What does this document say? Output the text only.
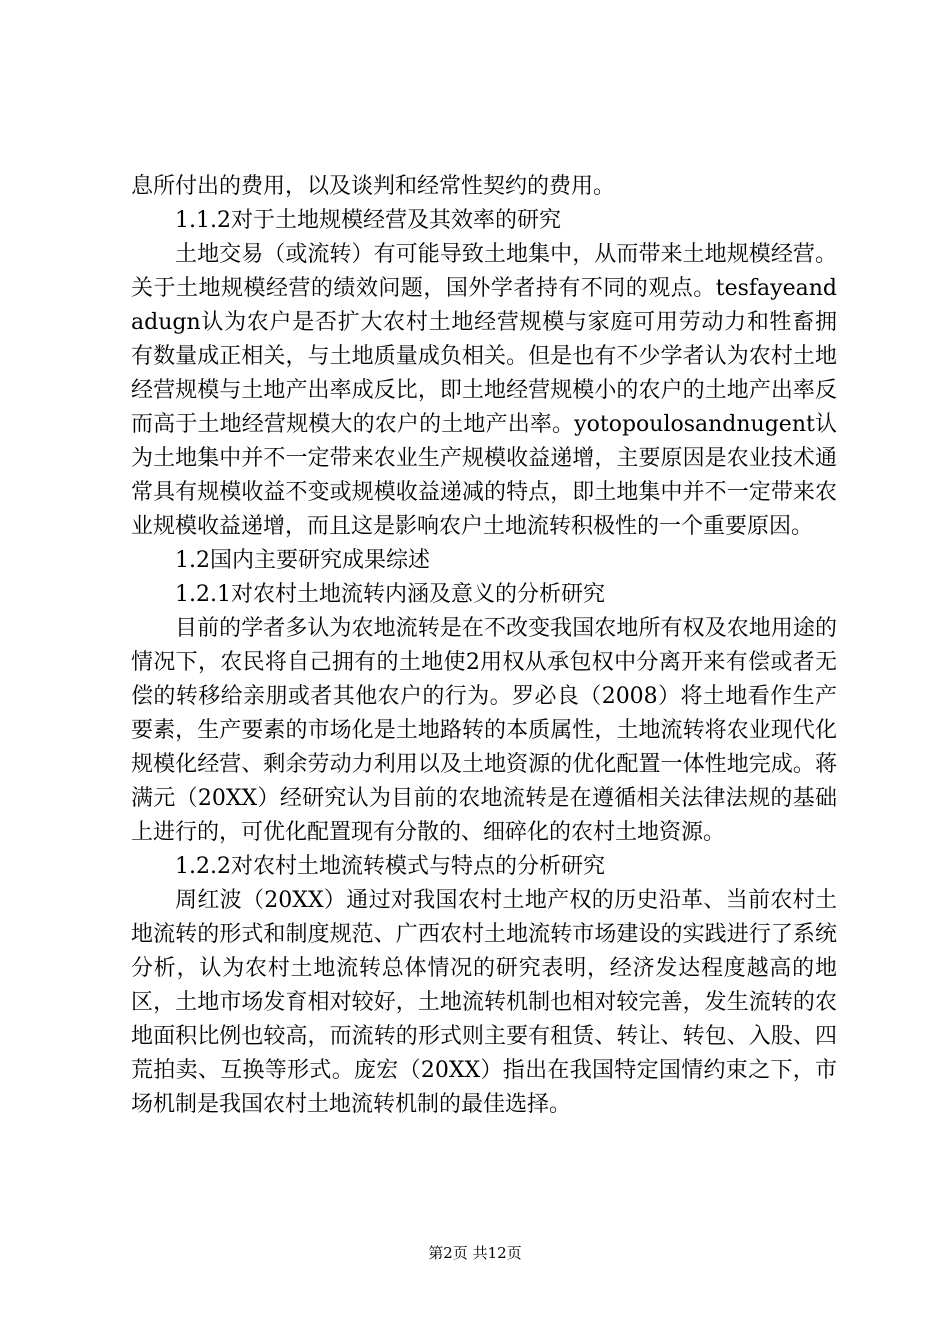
息所付出的费用，以及谈判和经常性契约的费用。

1.1.2对于土地规模经营及其效率的研究

土地交易（或流转）有可能导致土地集中，从而带来土地规模经营。关于土地规模经营的绩效问题，国外学者持有不同的观点。tesfayeandadugn认为农户是否扩大农村土地经营规模与家庭可用劳动力和牲畜拥有数量成正相关，与土地质量成负相关。但是也有不少学者认为农村土地经营规模与土地产出率成反比，即土地经营规模小的农户的土地产出率反而高于土地经营规模大的农户的土地产出率。yotopoulosandnugent认为土地集中并不一定带来农业生产规模收益递增，主要原因是农业技术通常具有规模收益不变或规模收益递减的特点，即土地集中并不一定带来农业规模收益递增，而且这是影响农户土地流转积极性的一个重要原因。

1.2国内主要研究成果综述

1.2.1对农村土地流转内涵及意义的分析研究

目前的学者多认为农地流转是在不改变我国农地所有权及农地用途的情况下，农民将自己拥有的土地使2用权从承包权中分离开来有偿或者无偿的转移给亲朋或者其他农户的行为。罗必良（2008）将土地看作生产要素，生产要素的市场化是土地路转的本质属性，土地流转将农业现代化规模化经营、剩余劳动力利用以及土地资源的优化配置一体性地完成。蒋满元（20XX）经研究认为目前的农地流转是在遵循相关法律法规的基础上进行的，可优化配置现有分散的、细碎化的农村土地资源。

1.2.2对农村土地流转模式与特点的分析研究

周红波（20XX）通过对我国农村土地产权的历史沿革、当前农村土地流转的形式和制度规范、广西农村土地流转市场建设的实践进行了系统分析，认为农村土地流转总体情况的研究表明，经济发达程度越高的地区，土地市场发育相对较好，土地流转机制也相对较完善，发生流转的农地面积比例也较高，而流转的形式则主要有租赁、转让、转包、入股、四荒拍卖、互换等形式。庞宏（20XX）指出在我国特定国情约束之下，市场机制是我国农村土地流转机制的最佳选择。

第2页 共12页
